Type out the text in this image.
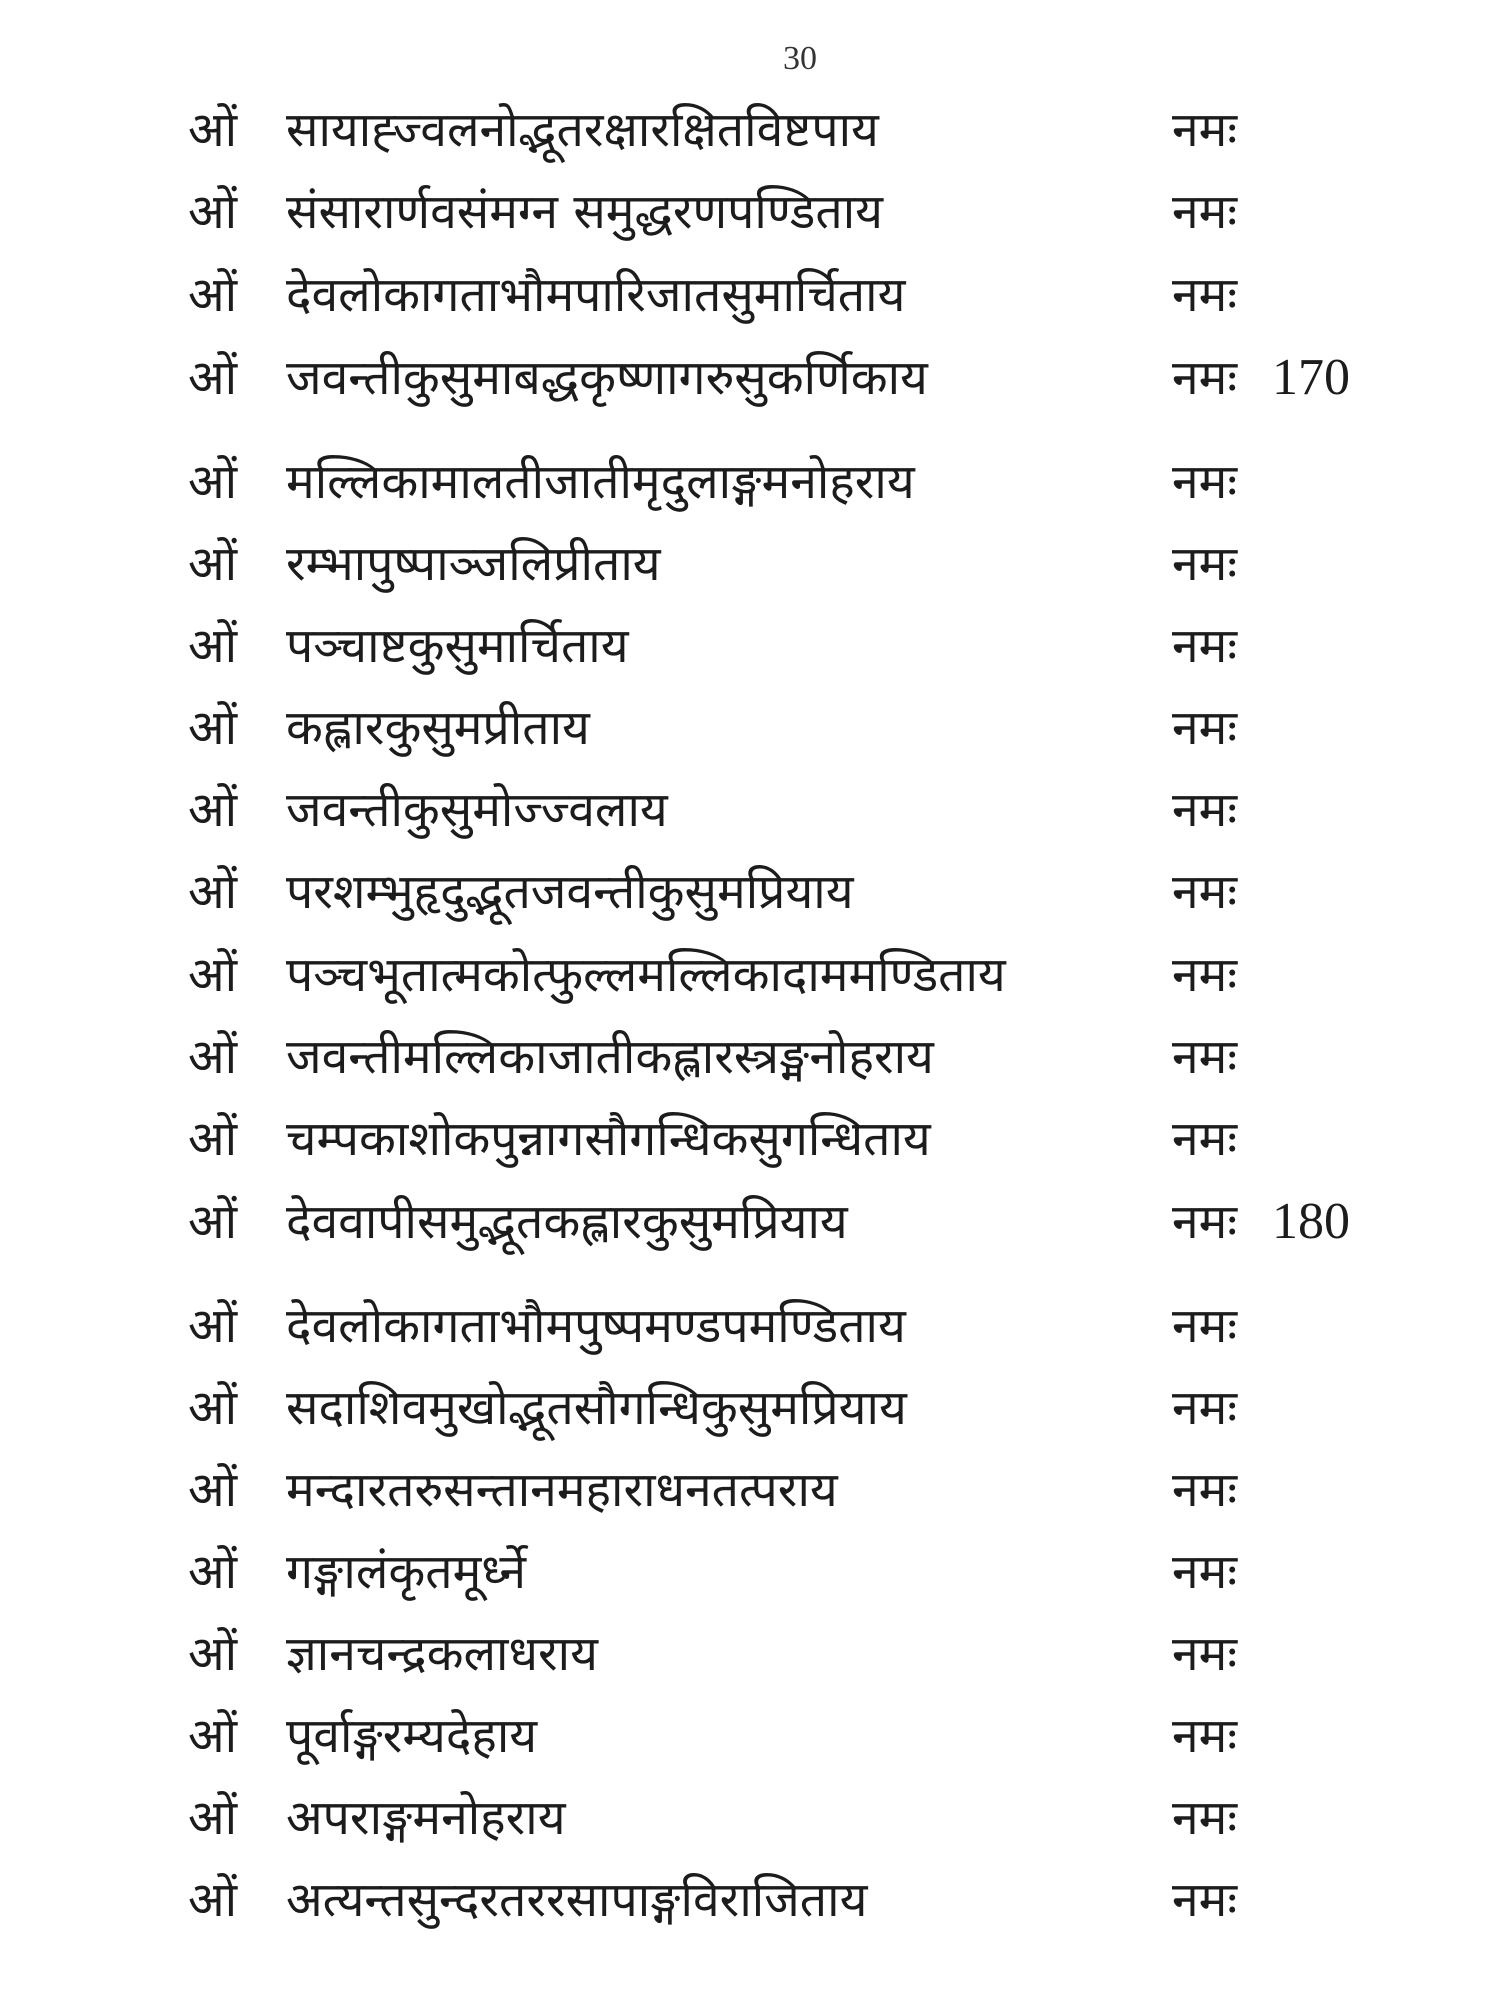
30
ओं सायाह्ज्वलनोद्भूतरक्षारक्षितविष्टपाय	नमः
ओं संसारार्णवसंमग्न समुद्धरणपण्डिताय	नमः
ओं देवलोकागताभौमपारिजातसुमार्चिताय	नमः
ओं जवन्तीकुसुमाबद्धकृष्णागरुसुकर्णिकाय	नमः 170
ओं मल्लिकामालतीजातीमृदुलाङ्गमनोहराय	नमः
ओं रम्भापुष्पाञ्जलिप्रीताय	नमः
ओं पञ्चाष्टकुसुमार्चिताय	नमः
ओं कह्लारकुसुमप्रीताय	नमः
ओं जवन्तीकुसुमोज्ज्वलाय	नमः
ओं परशम्भुहृदुद्भूतजवन्तीकुसुमप्रियाय	नमः
ओं पञ्चभूतात्मकोत्फुल्लमल्लिकादाममण्डिताय	नमः
ओं जवन्तीमल्लिकाजातीकह्लारस्त्रङ्मनोहराय	नमः
ओं चम्पकाशोकपुन्नागसौगन्धिकसुगन्धिताय	नमः
ओं देववापीसमुद्भूतकह्लारकुसुमप्रियाय	नमः 180
ओं देवलोकागताभौमपुष्पमण्डपमण्डिताय	नमः
ओं सदाशिवमुखोद्भूतसौगन्धिकुसुमप्रियाय	नमः
ओं मन्दारतरुसन्तानमहाराधनतत्पराय	नमः
ओं गङ्गालंकृतमूर्ध्ने	नमः
ओं ज्ञानचन्द्रकलाधराय	नमः
ओं पूर्वाङ्गरम्यदेहाय	नमः
ओं अपराङ्गमनोहराय	नमः
ओं अत्यन्तसुन्दरतररसापाङ्गविराजिताय	नमः
